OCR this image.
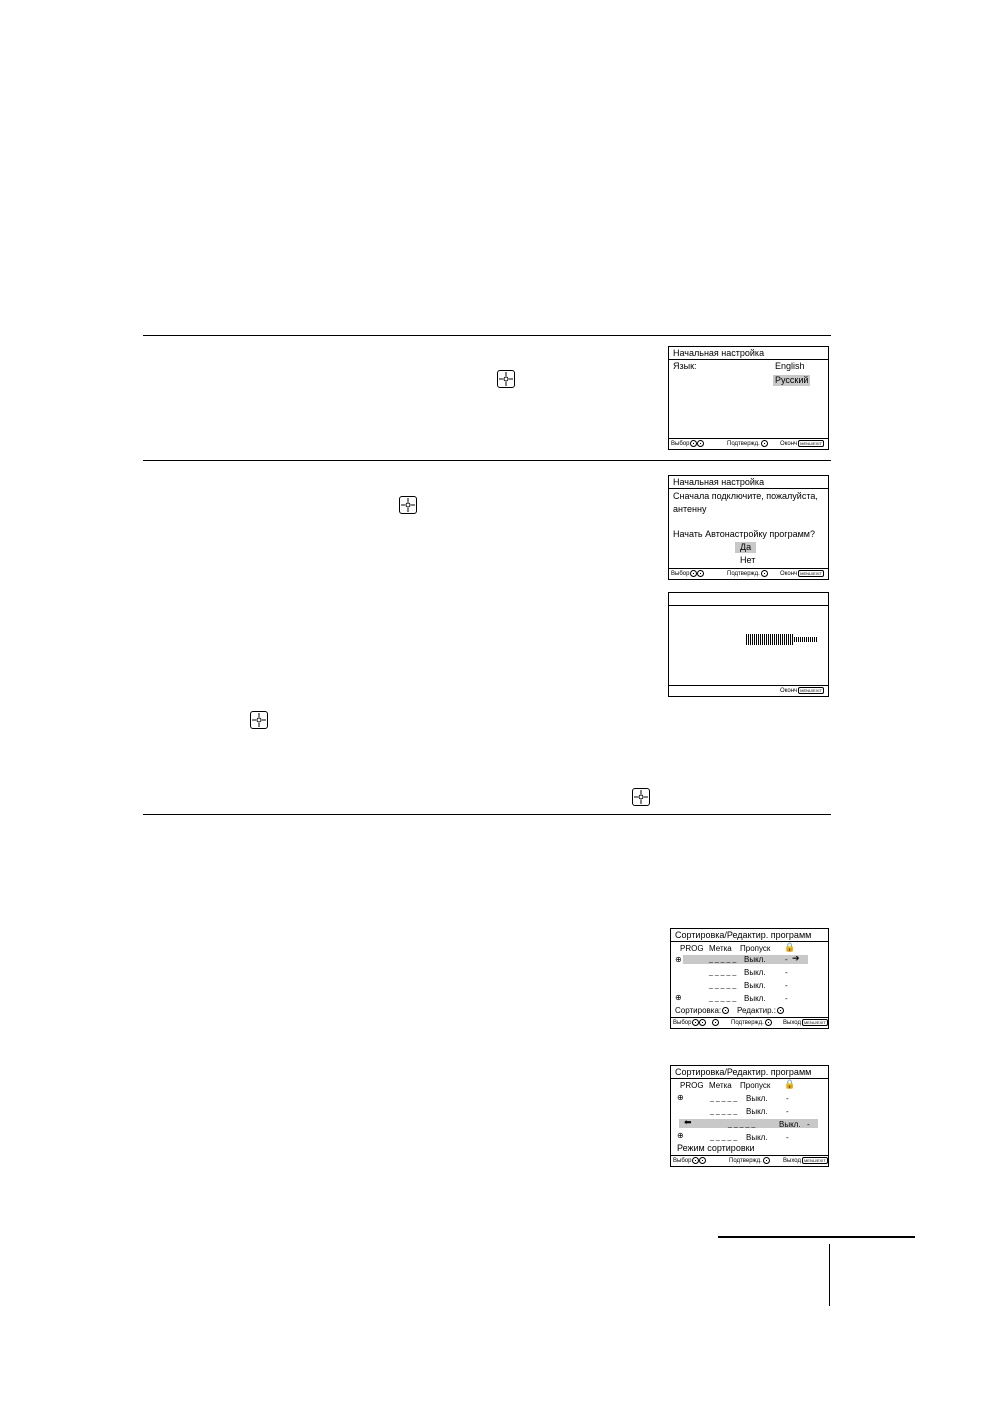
Начальная настройка
Язык:	English
Русский
Выбор	Подтвержд.	Оконч MENU/EXIT
Начальная настройка
Сначала подключите, пожалуйста,
антенну
Начать Автонастройку программ?
Да
Нет
Выбор	Подтвержд.	Оконч MENU/EXIT
Оконч MENU/EXIT
Сортировка/Редактир. программ
PROG Метка Пропуск 🔒
⊕	_ _ _ _ _ Выкл. - ➔
_ _ _ _ _ Выкл. -
_ _ _ _ _ Выкл. -
⊕	_ _ _ _ _ Выкл. -
Сортировка:	Редактир.:
Выбор	Подтвержд.	Выход MENU/EXIT
Сортировка/Редактир. программ
PROG Метка Пропуск 🔒
⊕	_ _ _ _ _ Выкл. -
_ _ _ _ _ Выкл. -
⬅	_ _ _ _ _	Выкл. -
⊕	_ _ _ _ _ Выкл. -
Режим сортировки
Выбор	Подтвержд.	Выход MENU/EXIT
